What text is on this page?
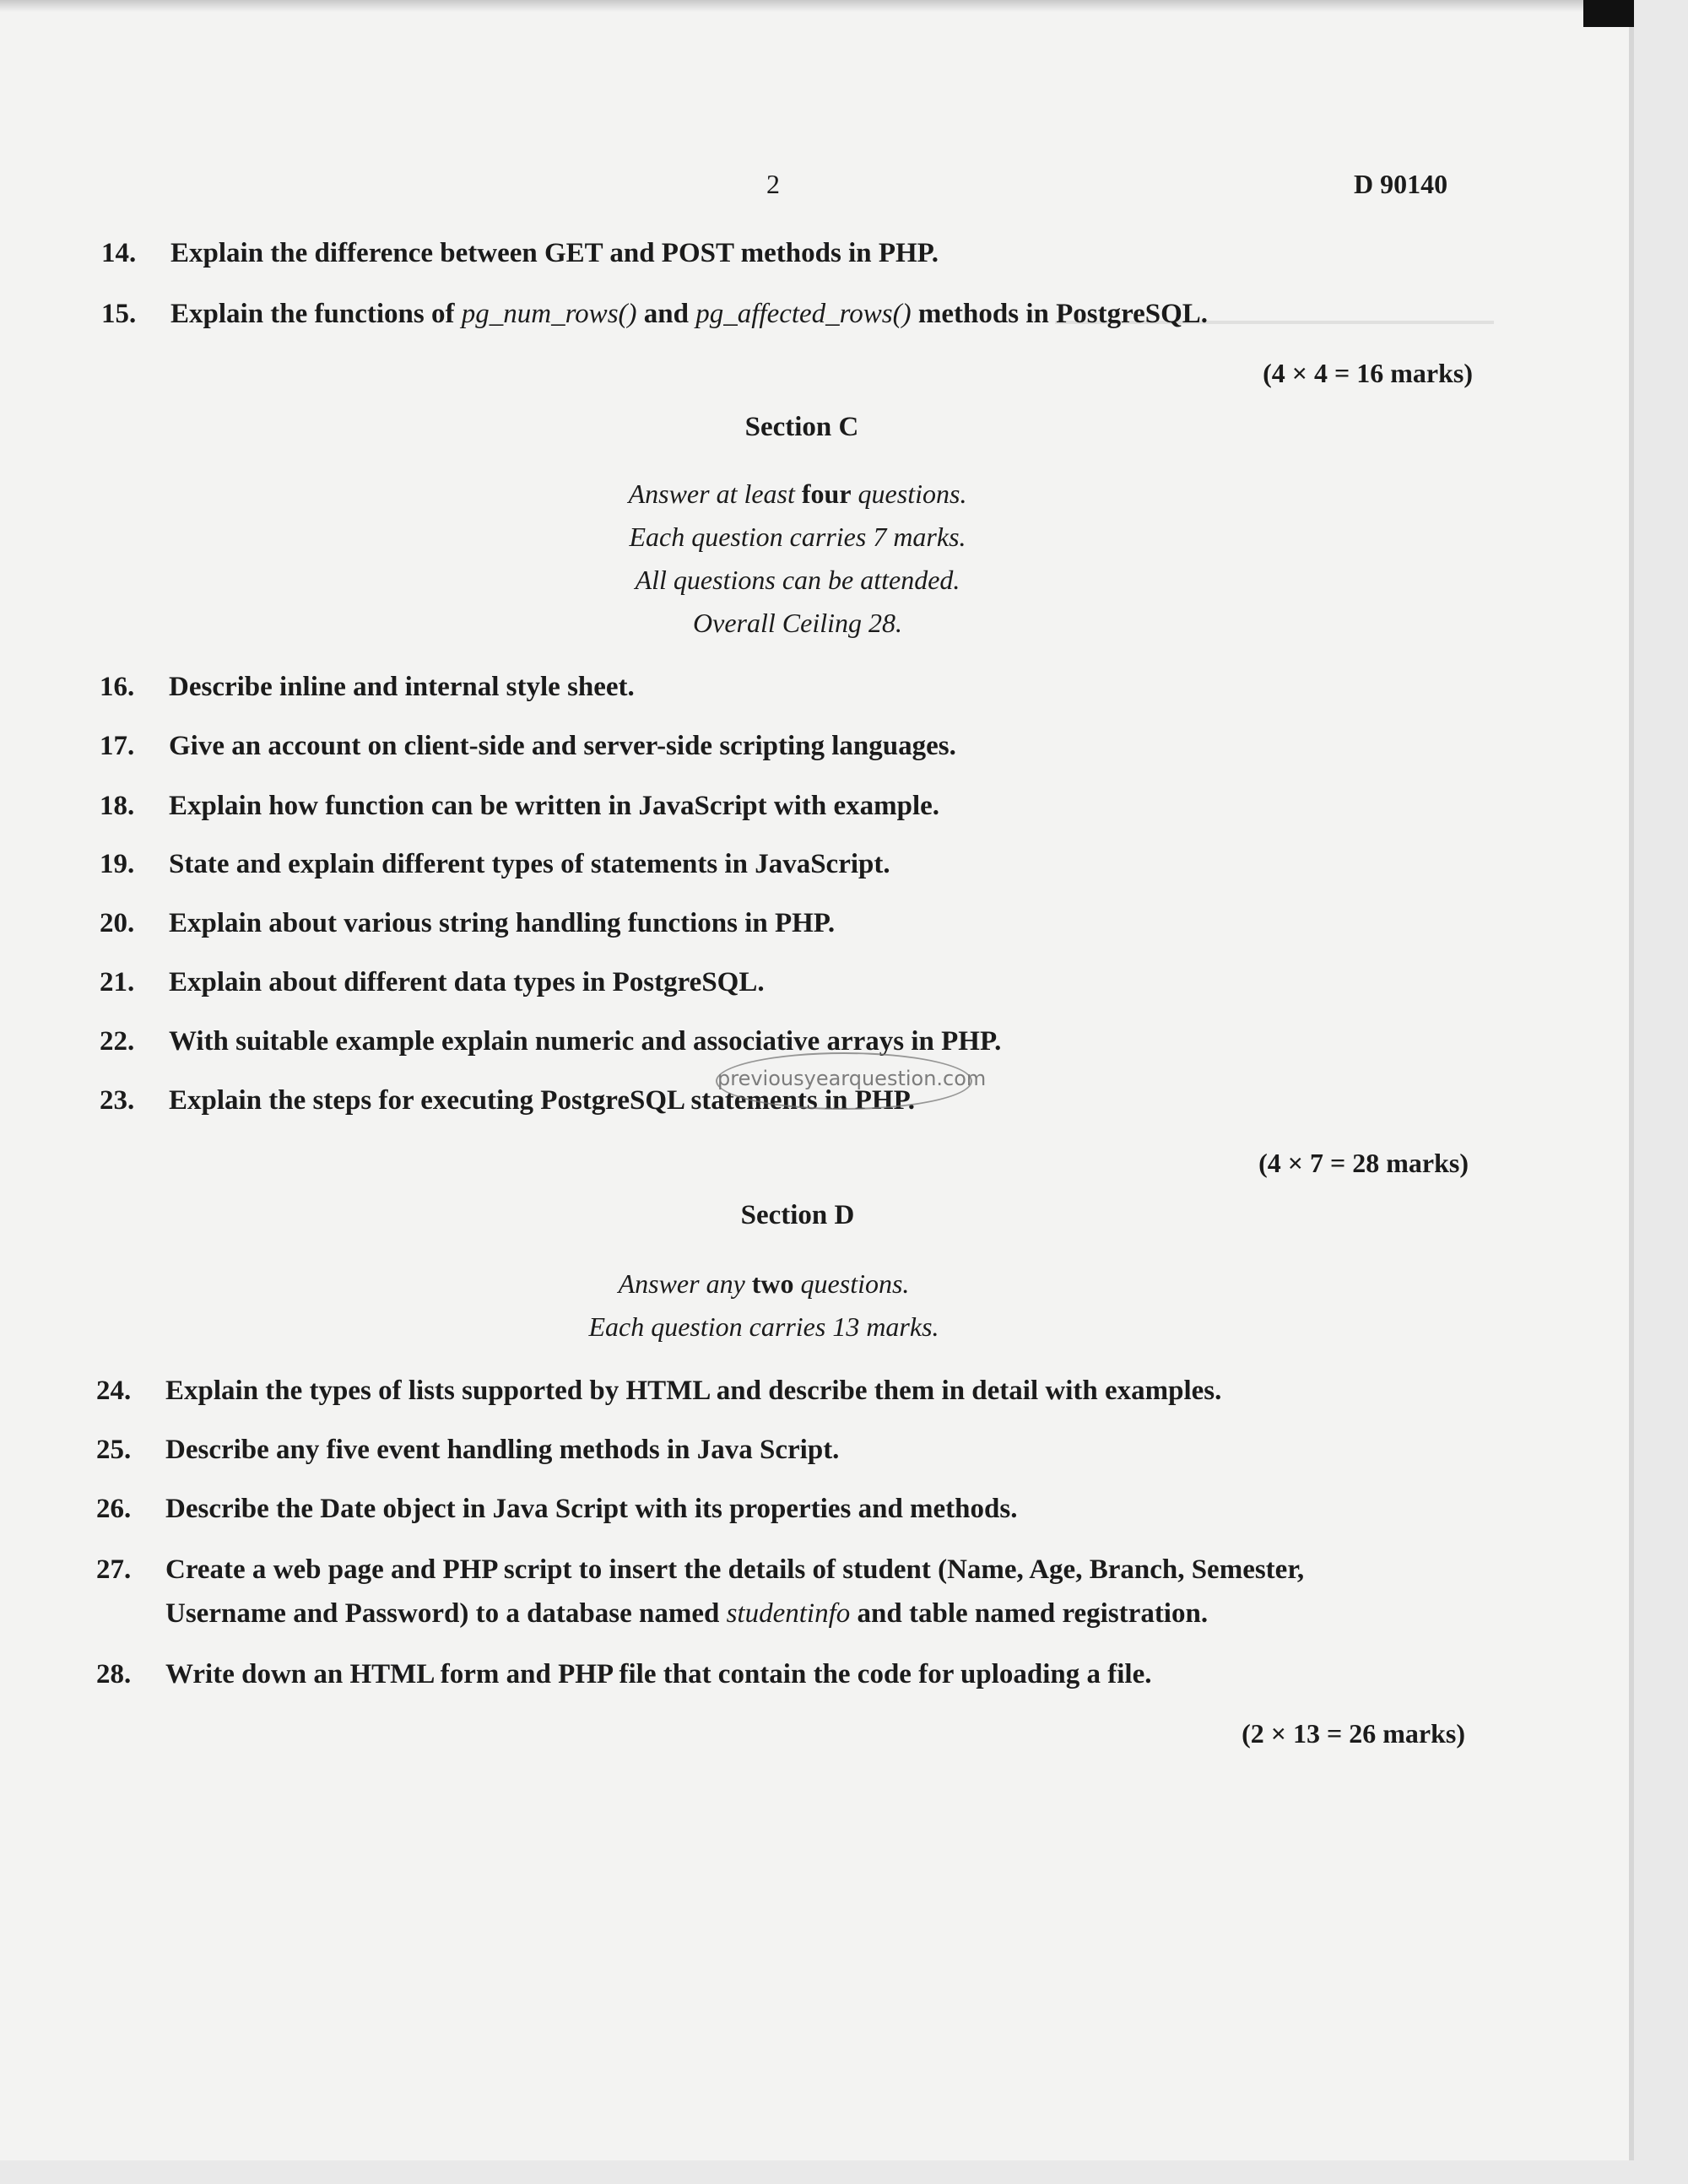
2	D 90140
14.	Explain the difference between GET and POST methods in PHP.
15.	Explain the functions of pg_num_rows() and pg_affected_rows() methods in PostgreSQL.
(4 × 4 = 16 marks)
Section C
Answer at least four questions.
Each question carries 7 marks.
All questions can be attended.
Overall Ceiling 28.
16.	Describe inline and internal style sheet.
17.	Give an account on client-side and server-side scripting languages.
18.	Explain how function can be written in JavaScript with example.
19.	State and explain different types of statements in JavaScript.
20.	Explain about various string handling functions in PHP.
21.	Explain about different data types in PostgreSQL.
22.	With suitable example explain numeric and associative arrays in PHP.
23.	Explain the steps for executing PostgreSQL statements in PHP.
previousyearquestion.com
(4 × 7 = 28 marks)
Section D
Answer any two questions.
Each question carries 13 marks.
24.	Explain the types of lists supported by HTML and describe them in detail with examples.
25.	Describe any five event handling methods in Java Script.
26.	Describe the Date object in Java Script with its properties and methods.
27.	Create a web page and PHP script to insert the details of student (Name, Age, Branch, Semester,
Username and Password) to a database named studentinfo and table named registration.
28.	Write down an HTML form and PHP file that contain the code for uploading a file.
(2 × 13 = 26 marks)
